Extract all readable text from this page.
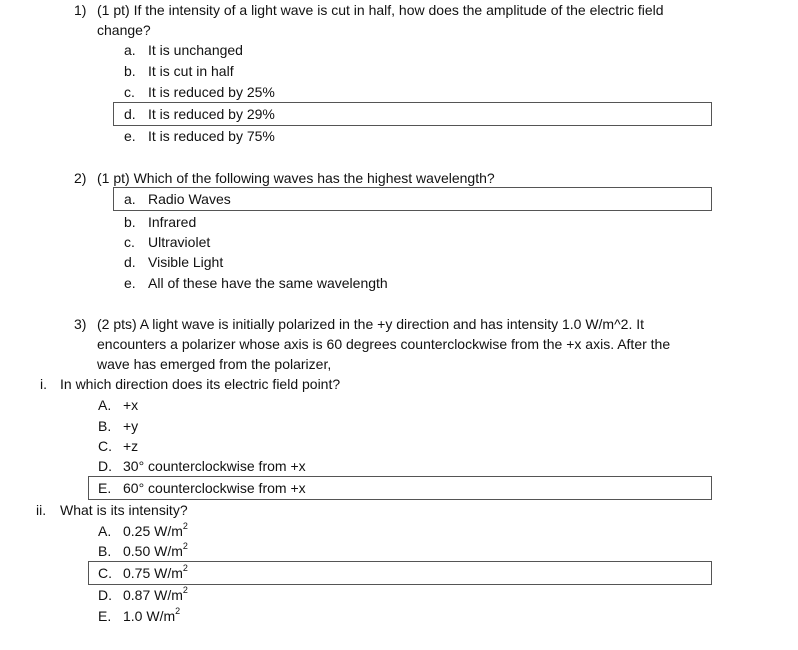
1) (1 pt) If the intensity of a light wave is cut in half, how does the amplitude of the electric field
change?
a. It is unchanged
b. It is cut in half
c. It is reduced by 25%
d. It is reduced by 29%
e. It is reduced by 75%
2) (1 pt) Which of the following waves has the highest wavelength?
a. Radio Waves
b. Infrared
c. Ultraviolet
d. Visible Light
e. All of these have the same wavelength
3) (2 pts) A light wave is initially polarized in the +y direction and has intensity 1.0 W/m^2. It
encounters a polarizer whose axis is 60 degrees counterclockwise from the +x axis. After the
wave has emerged from the polarizer,
i. In which direction does its electric field point?
A. +x
B. +y
C. +z
D. 30° counterclockwise from +x
E. 60° counterclockwise from +x
ii. What is its intensity?
A. 0.25 $W/m^2$
B. 0.50 $W/m^2$
C. 0.75 $W/m^2$
D. 0.87 $W/m^2$
E. 1.0 $W/m^2$
